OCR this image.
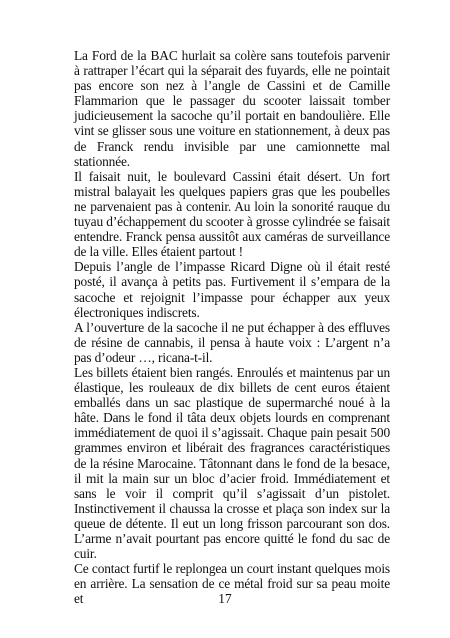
La Ford de la BAC hurlait sa colère sans toutefois parvenir à rattraper l’écart qui la séparait des fuyards, elle ne pointait pas encore son nez à l’angle de Cassini et de Camille Flammarion que le passager du scooter laissait tomber judicieusement la sacoche qu’il portait en bandoulière. Elle vint se glisser sous une voiture en stationnement, à deux pas de Franck rendu invisible par une camionnette mal stationnée.

Il faisait nuit, le boulevard Cassini était désert. Un fort mistral balayait les quelques papiers gras que les poubelles ne parvenaient pas à contenir. Au loin la sonorité rauque du tuyau d’échappement du scooter à grosse cylindrée se faisait entendre. Franck pensa aussitôt aux caméras de surveillance de la ville. Elles étaient partout !

Depuis l’angle de l’impasse Ricard Digne où il était resté posté, il avança à petits pas. Furtivement il s’empara de la sacoche et rejoignit l’impasse pour échapper aux yeux électroniques indiscrets.

A l’ouverture de la sacoche il ne put échapper à des effluves de résine de cannabis, il pensa à haute voix : L’argent n’a pas d’odeur …, ricana-t-il.

Les billets étaient bien rangés. Enroulés et maintenus par un élastique, les rouleaux de dix billets de cent euros étaient emballés dans un sac plastique de supermarché noué à la hâte. Dans le fond il tâta deux objets lourds en comprenant immédiatement de quoi il s’agissait. Chaque pain pesait 500 grammes environ et libérait des fragrances caractéristiques de la résine Marocaine. Tâtonnant dans le fond de la besace, il mit la main sur un bloc d’acier froid. Immédiatement et sans le voir il comprit qu’il s’agissait d’un pistolet. Instinctivement il chaussa la crosse et plaça son index sur la queue de détente. Il eut un long frisson parcourant son dos. L’arme n’avait pourtant pas encore quitté le fond du sac de cuir.

Ce contact furtif le replongea un court instant quelques mois en arrière. La sensation de ce métal froid sur sa peau moite et	17
